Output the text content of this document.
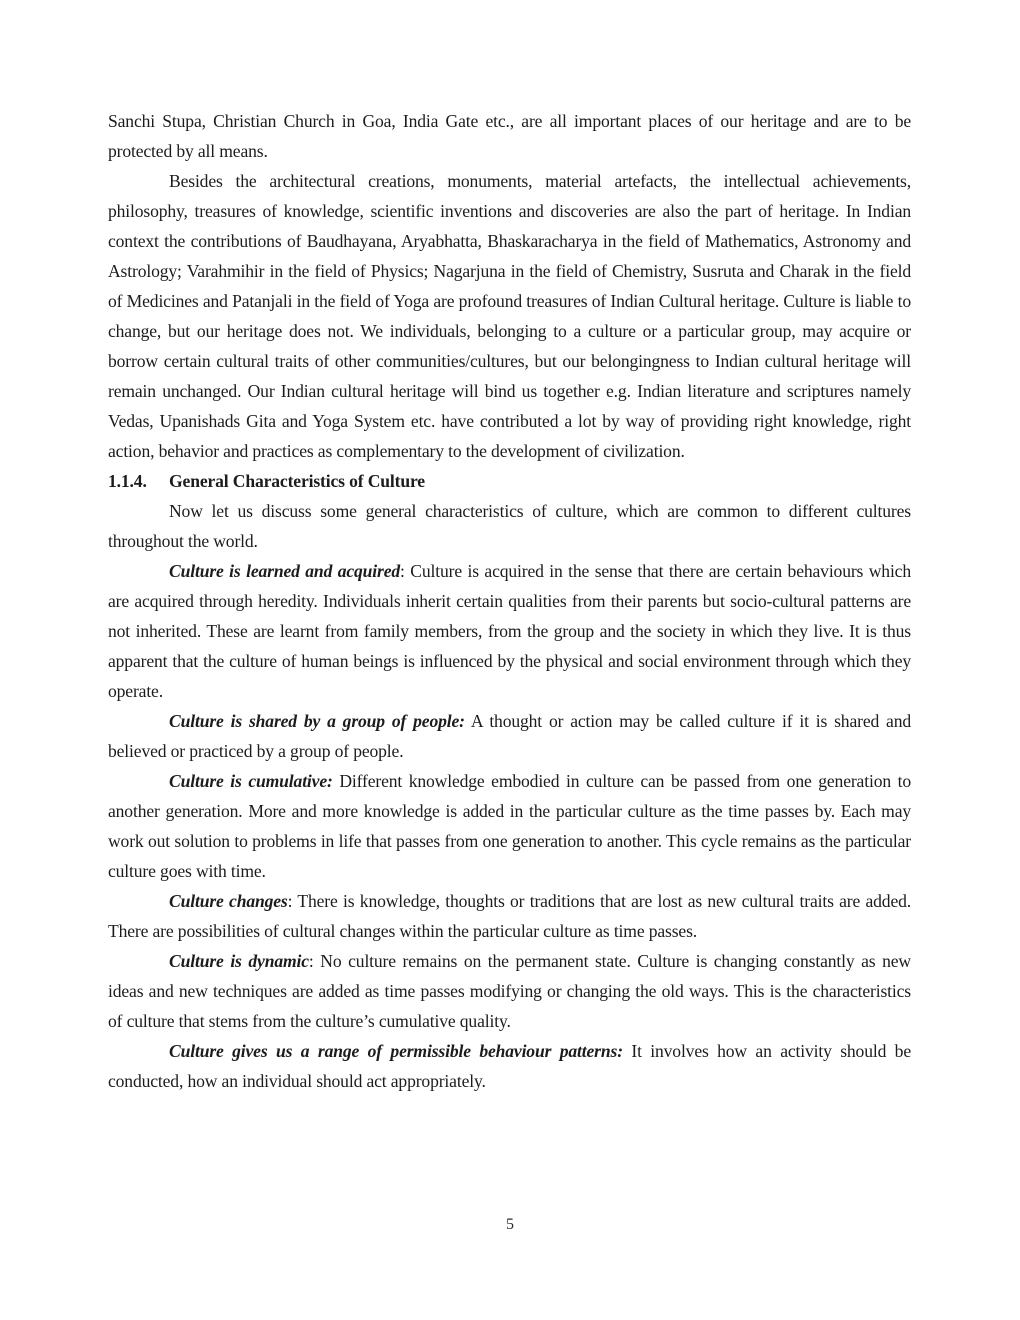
Sanchi Stupa, Christian Church in Goa, India Gate etc., are all important places of our heritage and are to be protected by all means.

Besides the architectural creations, monuments, material artefacts, the intellectual achievements, philosophy, treasures of knowledge, scientific inventions and discoveries are also the part of heritage. In Indian context the contributions of Baudhayana, Aryabhatta, Bhaskaracharya in the field of Mathematics, Astronomy and Astrology; Varahmihir in the field of Physics; Nagarjuna in the field of Chemistry, Susruta and Charak in the field of Medicines and Patanjali in the field of Yoga are profound treasures of Indian Cultural heritage. Culture is liable to change, but our heritage does not. We individuals, belonging to a culture or a particular group, may acquire or borrow certain cultural traits of other communities/cultures, but our belongingness to Indian cultural heritage will remain unchanged. Our Indian cultural heritage will bind us together e.g. Indian literature and scriptures namely Vedas, Upanishads Gita and Yoga System etc. have contributed a lot by way of providing right knowledge, right action, behavior and practices as complementary to the development of civilization.

1.1.4. General Characteristics of Culture

Now let us discuss some general characteristics of culture, which are common to different cultures throughout the world.

Culture is learned and acquired: Culture is acquired in the sense that there are certain behaviours which are acquired through heredity. Individuals inherit certain qualities from their parents but socio-cultural patterns are not inherited. These are learnt from family members, from the group and the society in which they live. It is thus apparent that the culture of human beings is influenced by the physical and social environment through which they operate.

Culture is shared by a group of people: A thought or action may be called culture if it is shared and believed or practiced by a group of people.

Culture is cumulative: Different knowledge embodied in culture can be passed from one generation to another generation. More and more knowledge is added in the particular culture as the time passes by. Each may work out solution to problems in life that passes from one generation to another. This cycle remains as the particular culture goes with time.

Culture changes: There is knowledge, thoughts or traditions that are lost as new cultural traits are added. There are possibilities of cultural changes within the particular culture as time passes.

Culture is dynamic: No culture remains on the permanent state. Culture is changing constantly as new ideas and new techniques are added as time passes modifying or changing the old ways. This is the characteristics of culture that stems from the culture’s cumulative quality.

Culture gives us a range of permissible behaviour patterns: It involves how an activity should be conducted, how an individual should act appropriately.

5
